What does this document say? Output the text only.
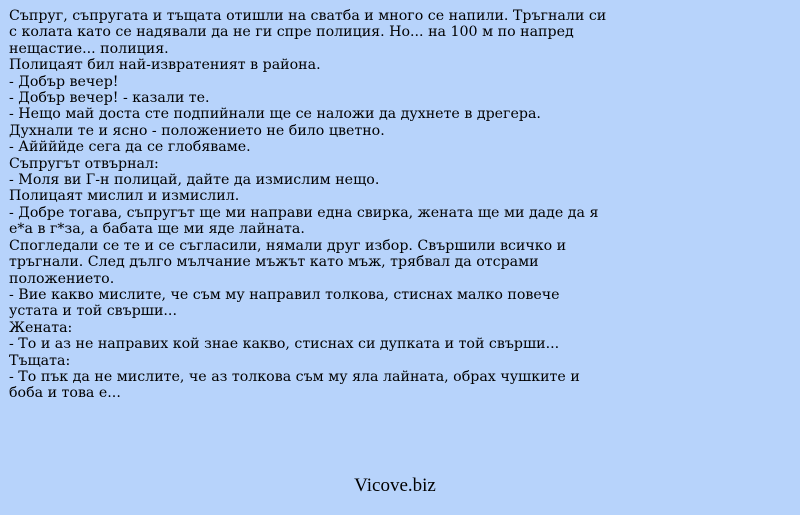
Съпруг, съпругата и тъщата отишли на сватба и много се напили. Тръгнали си
с колата като се надявали да не ги спре полиция. Но... на 100 м по напред
нещастие... полиция.
Полицаят бил най-извратеният в района.
- Добър вечер!
- Добър вечер! - казали те.
- Нещо май доста сте подпийнали ще се наложи да духнете в дрегера.
Духнали те и ясно - положението не било цветно.
- Аййййде сега да се глобяваме.
Съпругът отвърнал:
- Моля ви Г-н полицай, дайте да измислим нещо.
Полицаят мислил и измислил.
- Добре тогава, съпругът ще ми направи една свирка, жената ще ми даде да я
е*а в г*за, а бабата ще ми яде лайната.
Спогледали се те и се съгласили, нямали друг избор. Свършили всичко и
тръгнали. След дълго мълчание мъжът като мъж, трябвал да отсрами
положението.
- Вие какво мислите, че съм му направил толкова, стиснах малко повече
устата и той свърши...
Жената:
- То и аз не направих кой знае какво, стиснах си дупката и той свърши...
Тъщата:
- То пък да не мислите, че аз толкова съм му яла лайната, обрах чушките и
боба и това е...
Vicove.biz
